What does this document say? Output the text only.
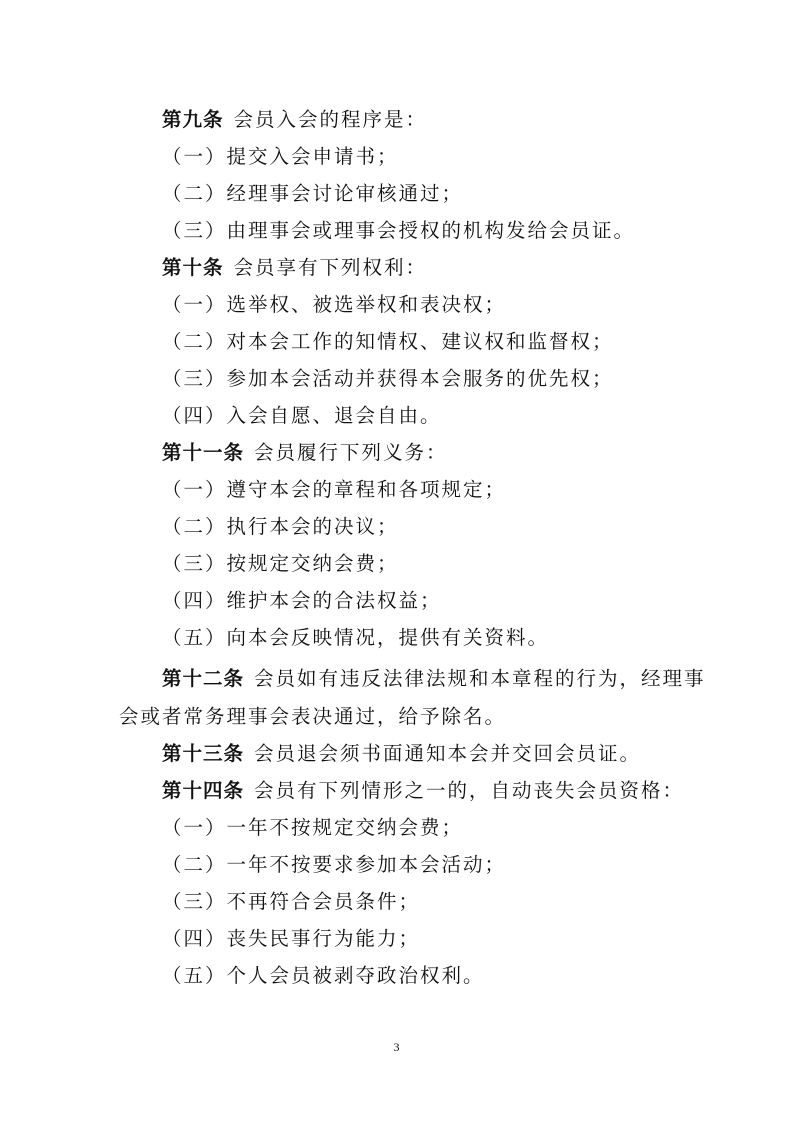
第九条 会员入会的程序是：
（一）提交入会申请书；
（二）经理事会讨论审核通过；
（三）由理事会或理事会授权的机构发给会员证。
第十条 会员享有下列权利：
（一）选举权、被选举权和表决权；
（二）对本会工作的知情权、建议权和监督权；
（三）参加本会活动并获得本会服务的优先权；
（四）入会自愿、退会自由。
第十一条 会员履行下列义务：
（一）遵守本会的章程和各项规定；
（二）执行本会的决议；
（三）按规定交纳会费；
（四）维护本会的合法权益；
（五）向本会反映情况，提供有关资料。
第十二条 会员如有违反法律法规和本章程的行为，经理事
会或者常务理事会表决通过，给予除名。
第十三条 会员退会须书面通知本会并交回会员证。
第十四条 会员有下列情形之一的，自动丧失会员资格：
（一）一年不按规定交纳会费；
（二）一年不按要求参加本会活动；
（三）不再符合会员条件；
（四）丧失民事行为能力；
（五）个人会员被剥夺政治权利。
3
